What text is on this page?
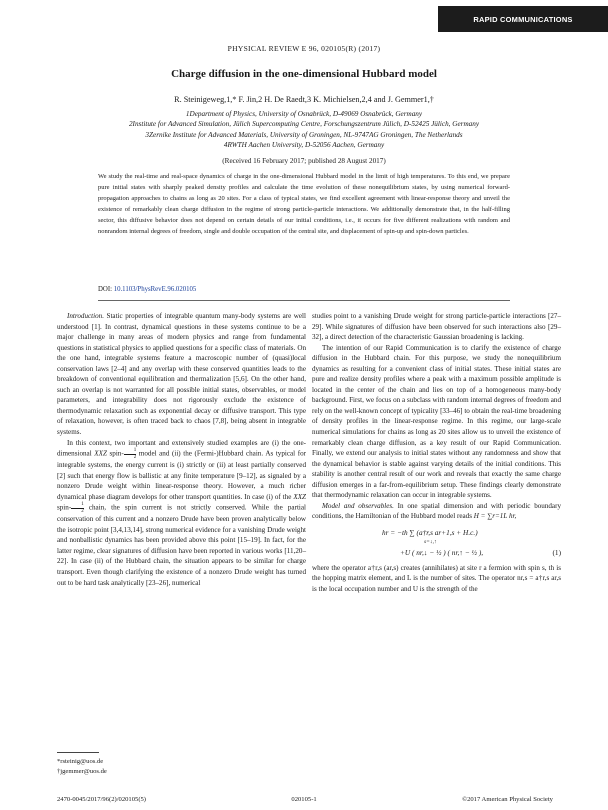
RAPID COMMUNICATIONS
PHYSICAL REVIEW E 96, 020105(R) (2017)
Charge diffusion in the one-dimensional Hubbard model
R. Steinigeweg,1,* F. Jin,2 H. De Raedt,3 K. Michielsen,2,4 and J. Gemmer1,†
1Department of Physics, University of Osnabrück, D-49069 Osnabrück, Germany
2Institute for Advanced Simulation, Jülich Supercomputing Centre, Forschungszentrum Jülich, D-52425 Jülich, Germany
3Zernike Institute for Advanced Materials, University of Groningen, NL-9747AG Groningen, The Netherlands
4RWTH Aachen University, D-52056 Aachen, Germany
(Received 16 February 2017; published 28 August 2017)
We study the real-time and real-space dynamics of charge in the one-dimensional Hubbard model in the limit of high temperatures. To this end, we prepare pure initial states with sharply peaked density profiles and calculate the time evolution of these nonequilibrium states, by using numerical forward-propagation approaches to chains as long as 20 sites. For a class of typical states, we find excellent agreement with linear-response theory and unveil the existence of remarkably clean charge diffusion in the regime of strong particle-particle interactions. We additionally demonstrate that, in the half-filling sector, this diffusive behavior does not depend on certain details of our initial conditions, i.e., it occurs for five different realizations with random and nonrandom internal degrees of freedom, single and double occupation of the central site, and displacement of spin-up and spin-down particles.
DOI: 10.1103/PhysRevE.96.020105

Introduction. Static properties of integrable quantum many-body systems are well understood [1]. In contrast, dynamical questions in these systems continue to be a major challenge in many areas of modern physics and range from fundamental questions in statistical physics to applied questions for a specific class of materials. On the one hand, integrable systems feature a macroscopic number of (quasi)local conservation laws [2–4] and any overlap with these conserved quantities leads to the breakdown of conventional equilibration and thermalization [5,6]. On the other hand, such an overlap is not warranted for all possible initial states, observables, or model parameters, and integrability does not rigorously exclude the existence of thermodynamic relaxation such as exponential decay or diffusive transport. This type of relaxation, however, is often traced back to chaos [7,8], being absent in integrable systems.

In this context, two important and extensively studied examples are (i) the one-dimensional XXZ spin- $\frac{1}{2}$ model and (ii) the (Fermi-)Hubbard chain. As typical for integrable systems, the energy current is (i) strictly or (ii) at least partially conserved [2] such that energy flow is ballistic at any finite temperature [9–12], as signaled by a nonzero Drude weight within linear-response theory. However, a much richer dynamical phase diagram develops for other transport quantities. In case (i) of the XXZ spin- $\frac{1}{2}$ chain, the spin current is not strictly conserved. While the partial conservation of this current and a nonzero Drude have been proven analytically below the isotropic point [3,4,13,14], strong numerical evidence for a vanishing Drude weight and nonballistic dynamics has been provided above this point [15–19]. In fact, for the latter regime, clear signatures of diffusion have been reported in various works [11,20–22]. In case (ii) of the Hubbard chain, the situation appears to be similar for charge transport. Even though clarifying the existence of a nonzero Drude weight has turned out to be hard task analytically [23–26], numerical

studies point to a vanishing Drude weight for strong particle-particle interactions [27–29]. While signatures of diffusion have been observed for such interactions also [29–32], a direct detection of the characteristic Gaussian broadening is lacking.

The intention of our Rapid Communication is to clarify the existence of charge diffusion in the Hubbard chain. For this purpose, we study the nonequilibrium dynamics as resulting for a convenient class of initial states. These initial states are pure and realize density profiles where a peak with a maximum possible amplitude is located in the center of the chain and lies on top of a homogeneous many-body background. First, we focus on a subclass with random internal degrees of freedom and rely on the well-known concept of typicality [33–46] to obtain the real-time broadening of density profiles in the linear-response regime. In this regime, our large-scale numerical simulations for chains as long as 20 sites allow us to unveil the existence of remarkably clean charge diffusion, as a key result of our Rapid Communication. Finally, we extend our analysis to initial states without any randomness and show that the dynamical behavior is stable against varying details of the initial conditions. This stability is another central result of our work and reveals that exactly the same charge diffusion emerges in a far-from-equilibrium setup. These findings clearly demonstrate that thermodynamic relaxation can occur in integrable systems.

Model and observables. In one spatial dimension and with periodic boundary conditions, the Hamiltonian of the Hubbard model reads H = ∑r=1L hr,

hr = −th ∑ (a†r,s ar+1,s + H.c.)
s=↓,↑
+U ( nr,↓ − ½ ) ( nr,↑ − ½ ),	(1)

where the operator a†r,s (ar,s) creates (annihilates) at site r a fermion with spin s, th is the hopping matrix element, and L is the number of sites. The operator nr,s = a†r,s ar,s is the local occupation number and U is the strength of the

*rsteinig@uos.de
†jgemmer@uos.de
2470-0045/2017/96(2)/020105(5)	020105-1	©2017 American Physical Society
